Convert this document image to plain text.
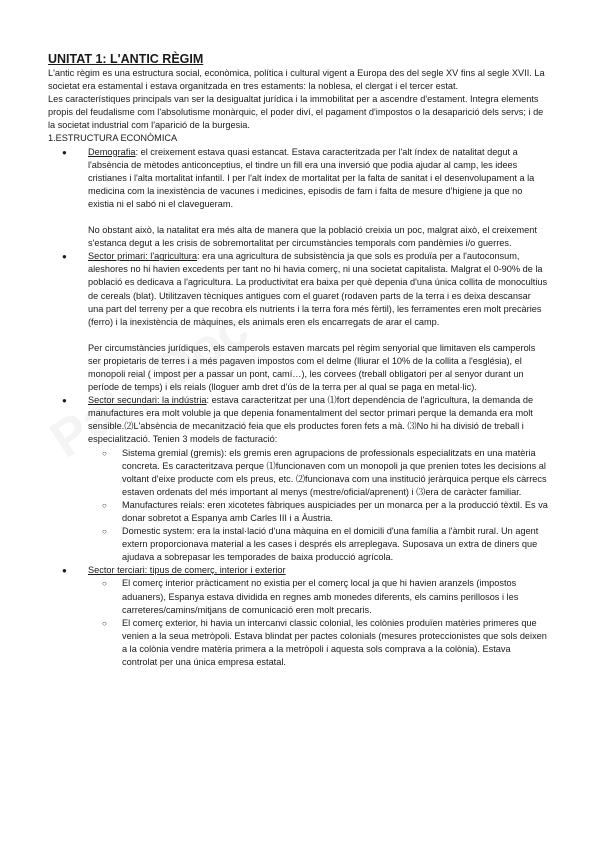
UNITAT 1: L'ANTIC RÈGIM

L'antic règim es una estructura social, econòmica, política i cultural vigent a Europa des del segle XV fins al segle XVII. La societat era estamental i estava organitzada en tres estaments: la noblesa, el clergat i el tercer estat.

Les característiques principals van ser la desigualtat jurídica i la immobilitat per a ascendre d'estament. Integra elements propis del feudalisme com l'absolutisme monàrquic, el poder diví, el pagament d'impostos o la desaparició dels servs; i de la societat industrial com l'aparició de la burgesia.

1.ESTRUCTURA ECONÒMICA

● Demografia: el creixement estava quasi estancat. Estava caracteritzada per l'alt índex de natalitat degut a l'absència de mètodes anticonceptius, el tindre un fill era una inversió que podia ajudar al camp, les idees cristianes i l'alta mortalitat infantil. I per l'alt índex de mortalitat per la falta de sanitat i el desenvolupament a la medicina com la inexistència de vacunes i medicines, episodis de fam i falta de mesure d'higiene ja que no existia ni el sabó ni el clavegueram.

No obstant això, la natalitat era més alta de manera que la població creixia un poc, malgrat això, el creixement s'estanca degut a les crisis de sobremortalitat per circumstàncies temporals com pandèmies i/o guerres.

● Sector primari: l'agricultura: era una agricultura de subsistència ja que sols es produïa per a l'autoconsum, aleshores no hi havien excedents per tant no hi havia comerç, ni una societat capitalista. Malgrat el 0-90% de la població es dedicava a l'agricultura. La productivitat era baixa per què depenia d'una única collita de monocultius de cereals (blat). Utilitzaven tècniques antigues com el guaret (rodaven parts de la terra i es deixa descansar una part del terreny per a que recobra els nutrients i la terra fora més fèrtil), les ferramentes eren molt precàries (ferro) i la inexistència de màquines, els animals eren els encarregats de arar el camp.

Per circumstàncies jurídiques, els camperols estaven marcats pel règim senyorial que limitaven els camperols ser propietaris de terres i a més pagaven impostos com el delme (lliurar el 10% de la collita a l'església), el monopoli reial ( impost per a passar un pont, camí…), les corvees (treball obligatori per al senyor durant un període de temps) i els reials (lloguer amb dret d'ús de la terra per al qual se paga en metal·lic).

● Sector secundari: la indústria: estava caracteritzat per una ⑴fort dependència de l'agricultura, la demanda de manufactures era molt voluble ja que depenia fonamentalment del sector primari perque la demanda era molt sensible.⑵L'absència de mecanització feia que els productes foren fets a mà. ⑶No hi ha divisió de treball i especialització. Tenien 3 models de facturació:
○ Sistema gremial (gremis): els gremis eren agrupacions de professionals especialitzats en una matèria concreta. Es caracteritzava perque ⑴funcionaven com un monopoli ja que prenien totes les decisions al voltant d'eixe producte com els preus, etc. ⑵funcionava com una institució jeràrquica perque els càrrecs estaven ordenats del més important al menys (mestre/oficial/aprenent) i ⑶era de caràcter familiar.
○ Manufactures reials: eren xicotetes fàbriques auspiciades per un monarca per a la producció tèxtil. Es va donar sobretot a Espanya amb Carles III i a Àustria.
○ Domestic system: era la instal·lació d'una màquina en el domicili d'una família a l'àmbit rural. Un agent extern proporcionava material a les cases i després els arreplegava. Suposava un extra de diners que ajudava a sobrepasar les temporades de baixa producció agrícola.
● Sector terciari: tipus de comerç, interior i exterior
○ El comerç interior pràcticament no existia per el comerç local ja que hi havien aranzels (impostos aduaners), Espanya estava dividida en regnes amb monedes diferents, els camins perillosos i les carreteres/camins/mitjans de comunicació eren molt precaris.
○ El comerç exterior, hi havia un intercanvi classic colonial, les colònies produïen matèries primeres que venien a la seua metròpoli. Estava blindat per pactes colonials (mesures proteccionistes que sols deixen a la colònia vendre matèria primera a la metròpoli i aquesta sols comprava a la colònia). Estava controlat per una única empresa estatal.
